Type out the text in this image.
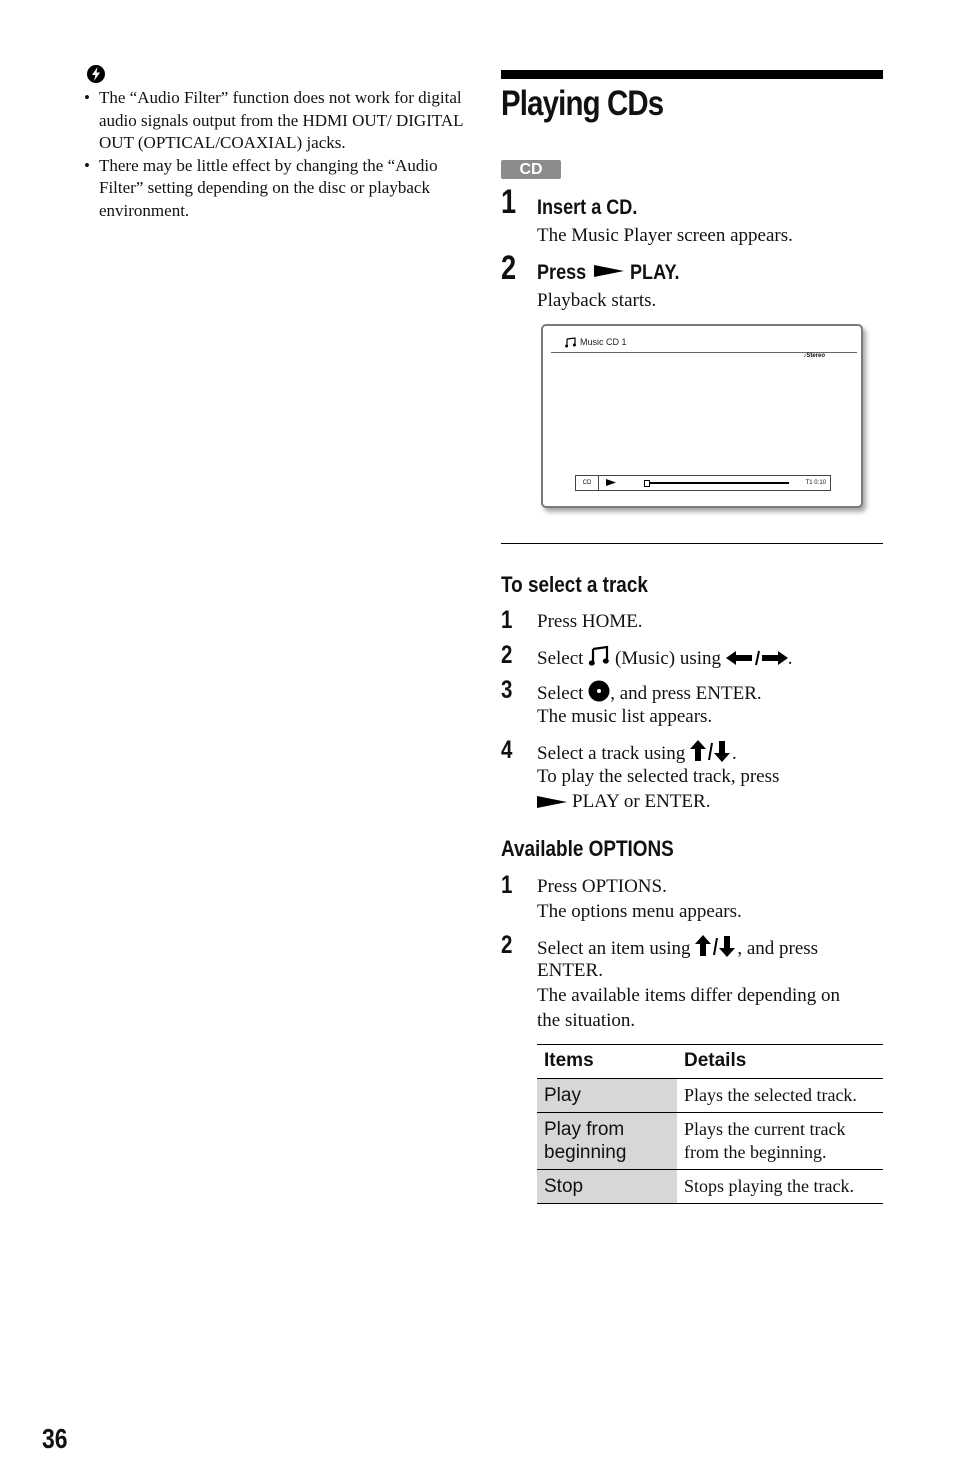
• The “Audio Filter” function does not work for digital audio signals output from the HDMI OUT/ DIGITAL OUT (OPTICAL/COAXIAL) jacks.
• There may be little effect by changing the “Audio Filter” setting depending on the disc or playback environment.
Playing CDs
CD
1 Insert a CD.
The Music Player screen appears.
2 Press	PLAY.
Playback starts.
Music CD 1
♪Stereo
CD	T1 0:10
To select a track
1 Press HOME.
2 Select (Music) using	.
3 Select , and press ENTER.
The music list appears.
4 Select a track using .
To play the selected track, press
PLAY or ENTER.
Available OPTIONS
1 Press OPTIONS.
The options menu appears.
2 Select an item using , and press
ENTER.
The available items differ depending on
the situation.
Items	Details
Play	Plays the selected track.
Play from beginning	Plays the current track from the beginning.
Stop	Stops playing the track.
36
